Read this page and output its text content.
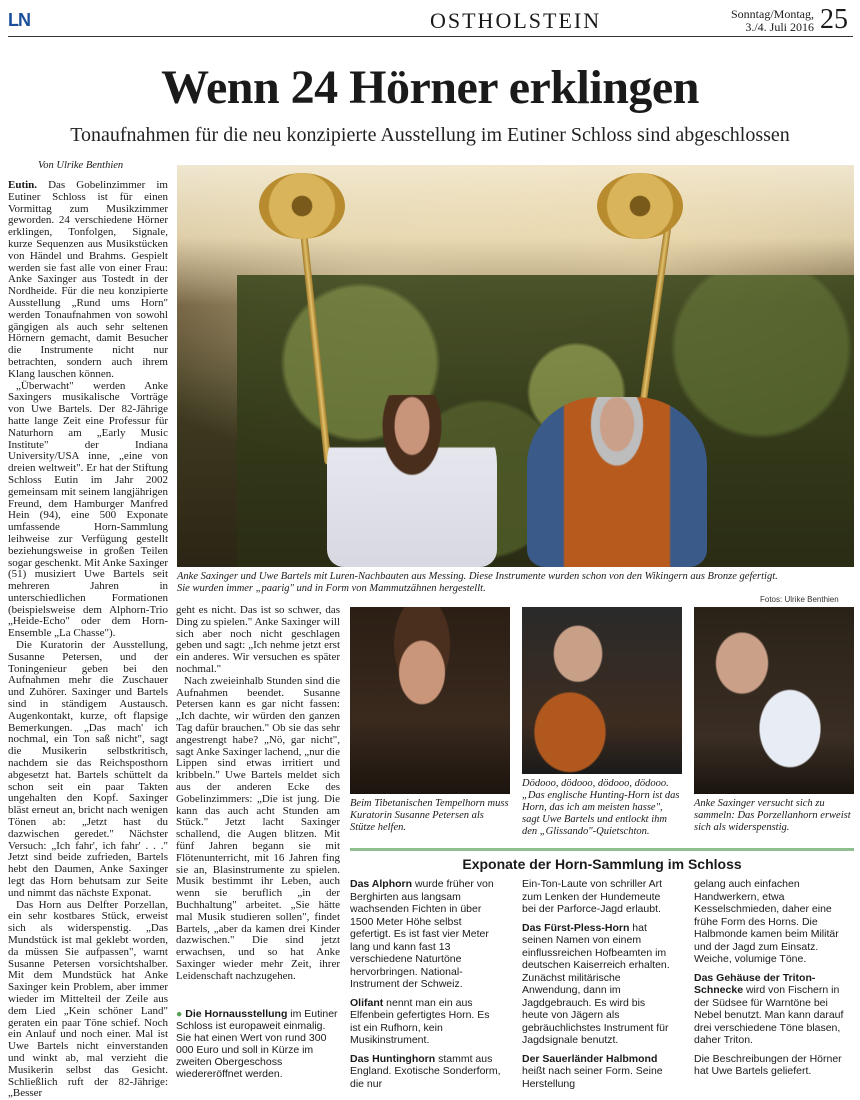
LN	OSTHOLSTEIN	Sonntag/Montag,
3./4. Juli 2016 25
Wenn 24 Hörner erklingen
Tonaufnahmen für die neu konzipierte Ausstellung im Eutiner Schloss sind abgeschlossen
Von Ulrike Benthien

Eutin. Das Gobelinzimmer im Eutiner Schloss ist für einen Vormittag zum Musikzimmer geworden. 24 verschiedene Hörner erklingen, Tonfolgen, Signale, kurze Sequenzen aus Musikstücken von Händel und Brahms. Gespielt werden sie fast alle von einer Frau: Anke Saxinger aus Tostedt in der Nordheide. Für die neu konzipierte Ausstellung „Rund ums Horn" werden Tonaufnahmen von sowohl gängigen als auch sehr seltenen Hörnern gemacht, damit Besucher die Instrumente nicht nur betrachten, sondern auch ihrem Klang lauschen können.

„Überwacht" werden Anke Saxingers musikalische Vorträge von Uwe Bartels. Der 82-Jährige hatte lange Zeit eine Professur für Naturhorn am „Early Music Institute" der Indiana University/USA inne, „eine von dreien weltweit". Er hat der Stiftung Schloss Eutin im Jahr 2002 gemeinsam mit seinem langjährigen Freund, dem Hamburger Manfred Hein (94), eine 500 Exponate umfassende Horn-Sammlung leihweise zur Verfügung gestellt beziehungsweise in großen Teilen sogar geschenkt. Mit Anke Saxinger (51) musiziert Uwe Bartels seit mehreren Jahren in unterschiedlichen Formationen (beispielsweise dem Alphorn-Trio „Heide-Echo" oder dem Horn-Ensemble „La Chasse").

Die Kuratorin der Ausstellung, Susanne Petersen, und der Toningenieur geben bei den Aufnahmen mehr die Zuschauer und Zuhörer. Saxinger und Bartels sind in ständigem Austausch. Augenkontakt, kurze, oft flapsige Bemerkungen. „Das mach' ich nochmal, ein Ton saß nicht", sagt die Musikerin selbstkritisch, nachdem sie das Reichsposthorn abgesetzt hat. Bartels schüttelt da schon seit ein paar Takten ungehalten den Kopf. Saxinger bläst erneut an, bricht nach wenigen Tönen ab: „Jetzt hast du dazwischen geredet." Nächster Versuch: „Ich fahr', ich fahr' . . ." Jetzt sind beide zufrieden, Bartels hebt den Daumen, Anke Saxinger legt das Horn behutsam zur Seite und nimmt das nächste Exponat.

Das Horn aus Delfter Porzellan, ein sehr kostbares Stück, erweist sich als widerspenstig. „Das Mundstück ist mal geklebt worden, da müssen Sie aufpassen", warnt Susanne Petersen vorsichtshalber. Mit dem Mundstück hat Anke Saxinger kein Problem, aber immer wieder im Mittelteil der Zeile aus dem Lied „Kein schöner Land" geraten ein paar Töne schief. Noch ein Anlauf und noch einer. Mal ist Uwe Bartels nicht einverstanden und winkt ab, mal verzieht die Musikerin selbst das Gesicht. Schließlich ruft der 82-Jährige: „Besser

Anke Saxinger und Uwe Bartels mit Luren-Nachbauten aus Messing. Diese Instrumente wurden schon von den Wikingern aus Bronze gefertigt.
Sie wurden immer „paarig" und in Form von Mammutzähnen hergestellt.
Fotos: Ulrike Benthien

geht es nicht. Das ist so schwer, das Ding zu spielen." Anke Saxinger will sich aber noch nicht geschlagen geben und sagt: „Ich nehme jetzt erst ein anderes. Wir versuchen es später nochmal."

Nach zweieinhalb Stunden sind die Aufnahmen beendet. Susanne Petersen kann es gar nicht fassen: „Ich dachte, wir würden den ganzen Tag dafür brauchen." Ob sie das sehr angestrengt habe? „Nö, gar nicht", sagt Anke Saxinger lachend, „nur die Lippen sind etwas irritiert und kribbeln." Uwe Bartels meldet sich aus der anderen Ecke des Gobelinzimmers: „Die ist jung. Die kann das auch acht Stunden am Stück." Jetzt lacht Saxinger schallend, die Augen blitzen. Mit fünf Jahren begann sie mit Flötenunterricht, mit 16 Jahren fing sie an, Blasinstrumente zu spielen. Musik bestimmt ihr Leben, auch wenn sie beruflich „in der Buchhaltung" arbeitet. „Sie hätte mal Musik studieren sollen", findet Bartels, „aber da kamen drei Kinder dazwischen." Die sind jetzt erwachsen, und so hat Anke Saxinger wieder mehr Zeit, ihrer Leidenschaft nachzugehen.

● Die Hornausstellung im Eutiner Schloss ist europaweit einmalig. Sie hat einen Wert von rund 300 000 Euro und soll in Kürze im zweiten Obergeschoss wiedereröffnet werden.
Beim Tibetanischen Tempelhorn muss Kuratorin Susanne Petersen als Stütze helfen.
Dödooo, dödooo, dödooo, dödooo. „Das englische Hunting-Horn ist das Horn, das ich am meisten hasse", sagt Uwe Bartels und entlockt ihm den „Glissando"-Quietschton.
Anke Saxinger versucht sich zu sammeln: Das Porzellanhorn erweist sich als widerspenstig.
Exponate der Horn-Sammlung im Schloss

Das Alphorn wurde früher von Berghirten aus langsam wachsenden Fichten in über 1500 Meter Höhe selbst gefertigt. Es ist fast vier Meter lang und kann fast 13 verschiedene Naturtöne hervorbringen. National-Instrument der Schweiz.

Olifant nennt man ein aus Elfenbein gefertigtes Horn. Es ist ein Rufhorn, kein Musikinstrument.

Das Huntinghorn stammt aus England. Exotische Sonderform, die nur

Ein-Ton-Laute von schriller Art zum Lenken der Hundemeute bei der Parforce-Jagd erlaubt.

Das Fürst-Pless-Horn hat seinen Namen von einem einflussreichen Hofbeamten im deutschen Kaiserreich erhalten. Zunächst militärische Anwendung, dann im Jagdgebrauch. Es wird bis heute von Jägern als gebräuchlichstes Instrument für Jagdsignale benutzt.

Der Sauerländer Halbmond heißt nach seiner Form. Seine Herstellung

gelang auch einfachen Handwerkern, etwa Kesselschmieden, daher eine frühe Form des Horns. Die Halbmonde kamen beim Militär und der Jagd zum Einsatz. Weiche, volumige Töne.

Das Gehäuse der Triton-Schnecke wird von Fischern in der Südsee für Warntöne bei Nebel benutzt. Man kann darauf drei verschiedene Töne blasen, daher Triton.

Die Beschreibungen der Hörner hat Uwe Bartels geliefert.
